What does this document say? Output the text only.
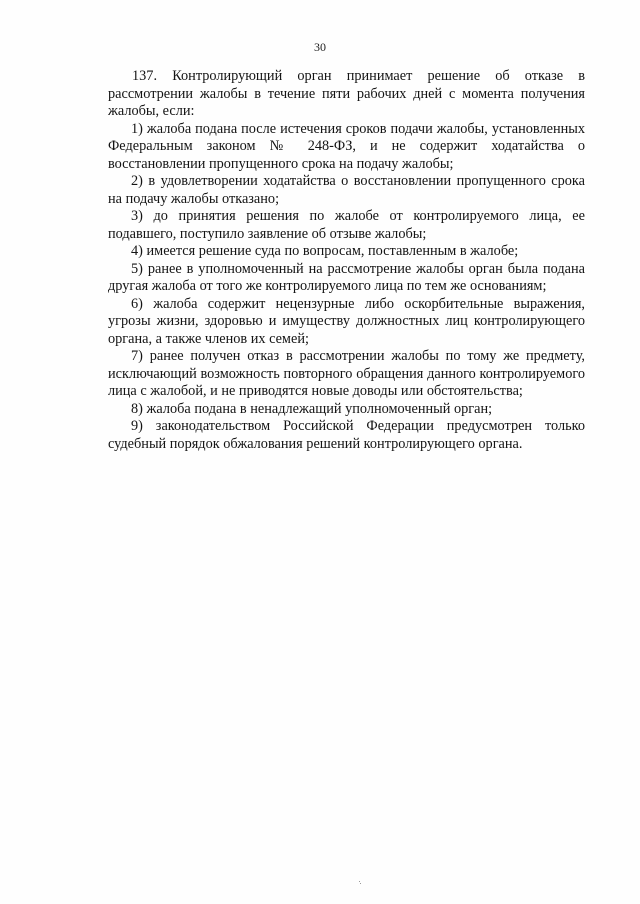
30

137. Контролирующий орган принимает решение об отказе в рассмотрении жалобы в течение пяти рабочих дней с момента получения жалобы, если:

1) жалоба подана после истечения сроков подачи жалобы, установленных Федеральным законом № 248-ФЗ, и не содержит ходатайства о восстановлении пропущенного срока на подачу жалобы;

2) в удовлетворении ходатайства о восстановлении пропущенного срока на подачу жалобы отказано;

3) до принятия решения по жалобе от контролируемого лица, ее подавшего, поступило заявление об отзыве жалобы;

4) имеется решение суда по вопросам, поставленным в жалобе;

5) ранее в уполномоченный на рассмотрение жалобы орган была подана другая жалоба от того же контролируемого лица по тем же основаниям;

6) жалоба содержит нецензурные либо оскорбительные выражения, угрозы жизни, здоровью и имуществу должностных лиц контролирующего органа, а также членов их семей;

7) ранее получен отказ в рассмотрении жалобы по тому же предмету, исключающий возможность повторного обращения данного контролируемого лица с жалобой, и не приводятся новые доводы или обстоятельства;

8) жалоба подана в ненадлежащий уполномоченный орган;

9) законодательством Российской Федерации предусмотрен только судебный порядок обжалования решений контролирующего органа.
